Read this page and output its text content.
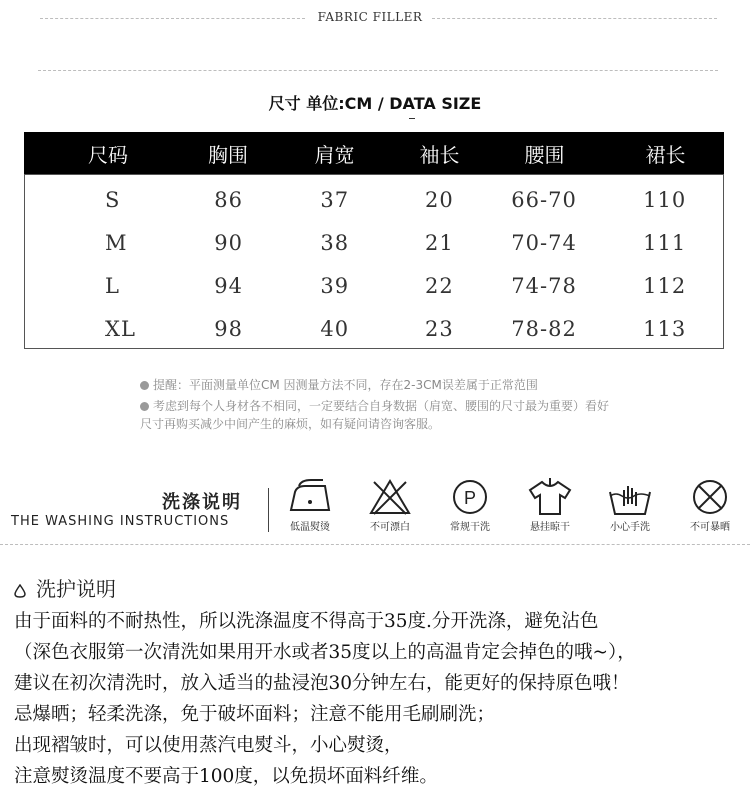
FABRIC FILLER
尺寸 单位:CM / DATA SIZE
尺码	胸围	肩宽	袖长	腰围	裙长
S	86	37	20	66-70	110
M	90	38	21	70-74	111
L	94	39	22	74-78	112
XL	98	40	23	78-82	113
提醒：平面测量单位CM 因测量方法不同，存在2-3CM误差属于正常范围
考虑到每个人身材各不相同，一定要结合自身数据（肩宽、腰围的尺寸最为重要）看好尺寸再购买减少中间产生的麻烦，如有疑问请咨询客服。
洗涤说明
THE WASHING INSTRUCTIONS	低温熨烫	不可漂白
P
常规干洗	悬挂晾干	小心手洗	不可暴晒
洗护说明
由于面料的不耐热性，所以洗涤温度不得高于35度.分开洗涤，避免沾色
（深色衣服第一次清洗如果用开水或者35度以上的高温肯定会掉色的哦~），
建议在初次清洗时，放入适当的盐浸泡30分钟左右，能更好的保持原色哦！
忌爆晒；轻柔洗涤，免于破坏面料；注意不能用毛刷刷洗；
出现褶皱时，可以使用蒸汽电熨斗，小心熨烫，
注意熨烫温度不要高于100度，以免损坏面料纤维。
